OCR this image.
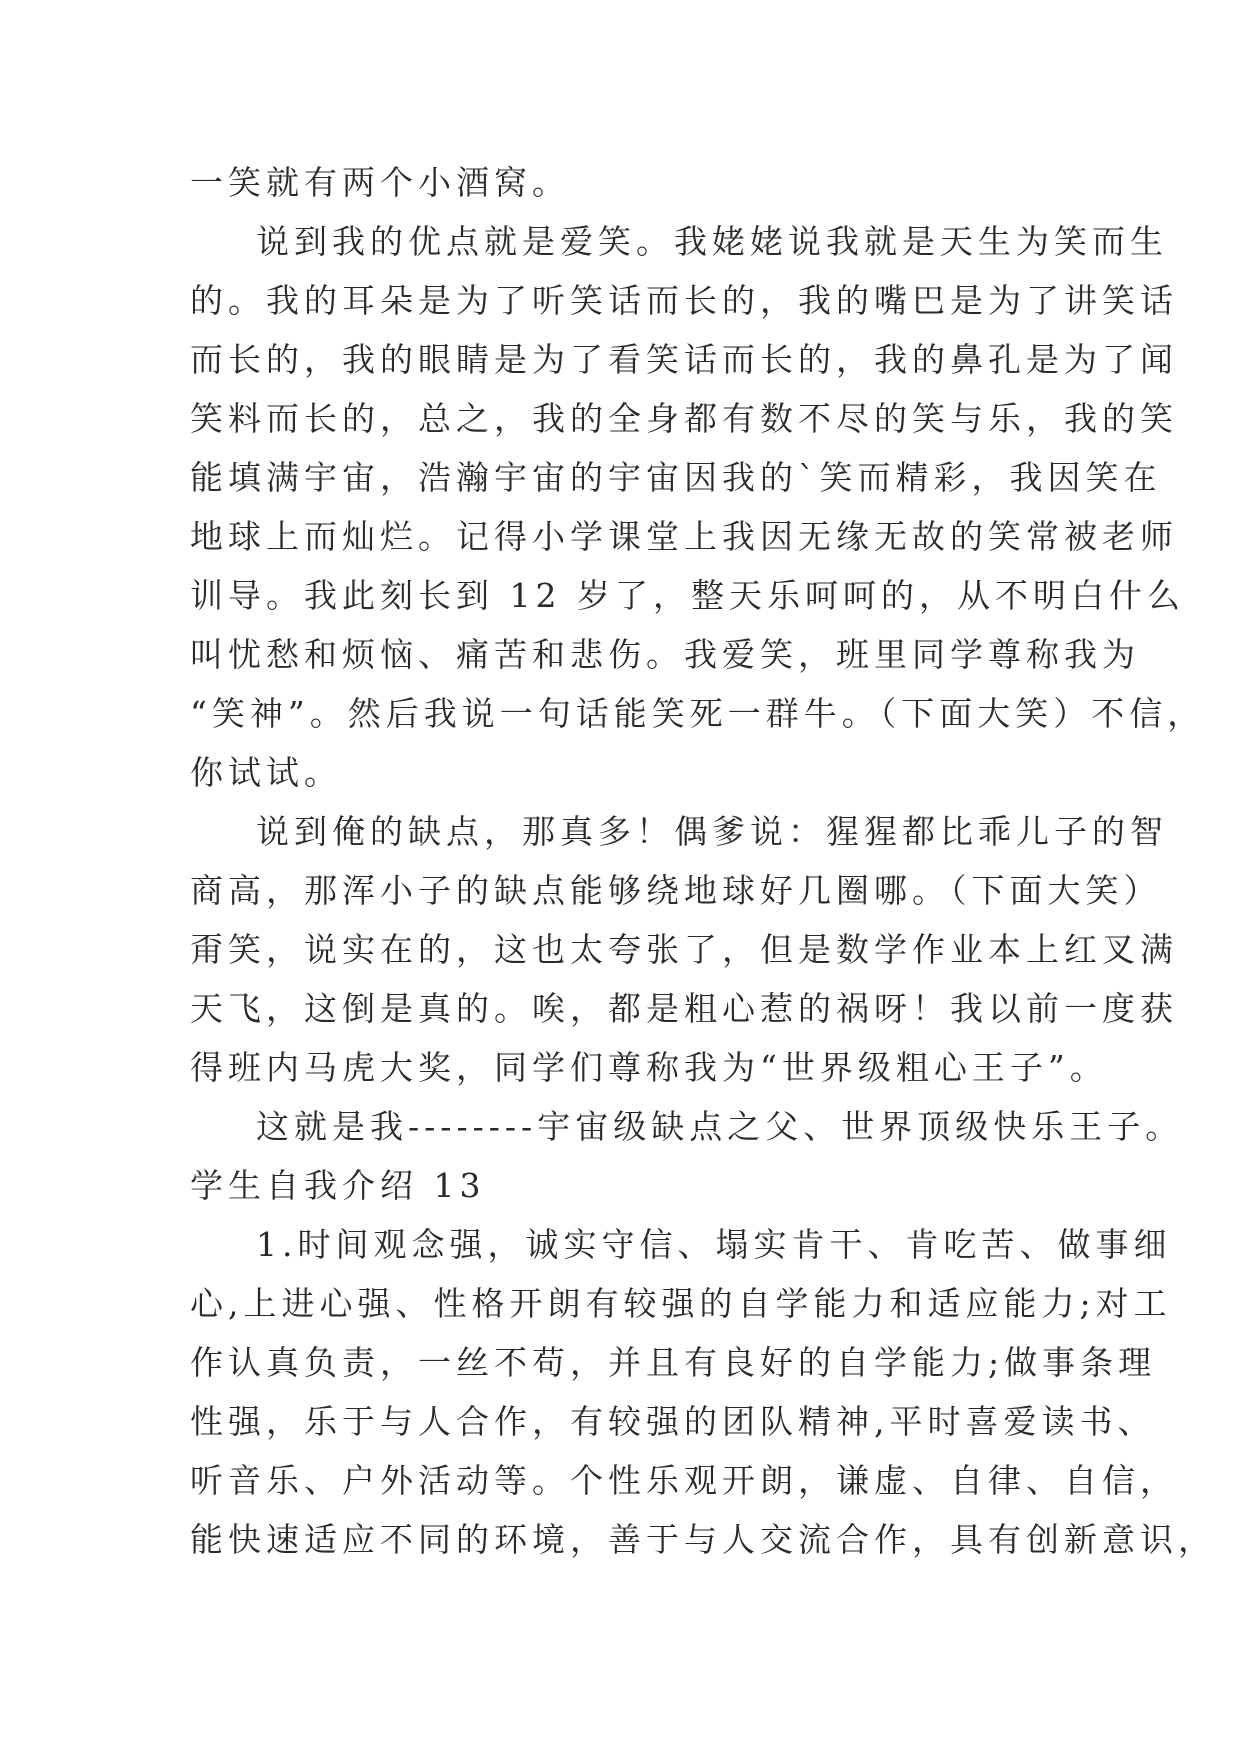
一笑就有两个小酒窝。
说到我的优点就是爱笑。我姥姥说我就是天生为笑而生
的。我的耳朵是为了听笑话而长的，我的嘴巴是为了讲笑话
而长的，我的眼睛是为了看笑话而长的，我的鼻孔是为了闻
笑料而长的，总之，我的全身都有数不尽的笑与乐，我的笑
能填满宇宙，浩瀚宇宙的宇宙因我的`笑而精彩，我因笑在
地球上而灿烂。记得小学课堂上我因无缘无故的笑常被老师
训导。我此刻长到 12 岁了，整天乐呵呵的，从不明白什么
叫忧愁和烦恼、痛苦和悲伤。我爱笑，班里同学尊称我为
“笑神”。然后我说一句话能笑死一群牛。（下面大笑）不信，
你试试。
说到俺的缺点，那真多！偶爹说：猩猩都比乖儿子的智
商高，那浑小子的缺点能够绕地球好几圈哪。（下面大笑）
甭笑，说实在的，这也太夸张了，但是数学作业本上红叉满
天飞，这倒是真的。唉，都是粗心惹的祸呀！我以前一度获
得班内马虎大奖，同学们尊称我为“世界级粗心王子”。
这就是我--------宇宙级缺点之父、世界顶级快乐王子。
学生自我介绍 13
1.时间观念强，诚实守信、塌实肯干、肯吃苦、做事细
心,上进心强、性格开朗有较强的自学能力和适应能力;对工
作认真负责，一丝不苟，并且有良好的自学能力;做事条理
性强，乐于与人合作，有较强的团队精神,平时喜爱读书、
听音乐、户外活动等。个性乐观开朗，谦虚、自律、自信，
能快速适应不同的环境，善于与人交流合作，具有创新意识，
